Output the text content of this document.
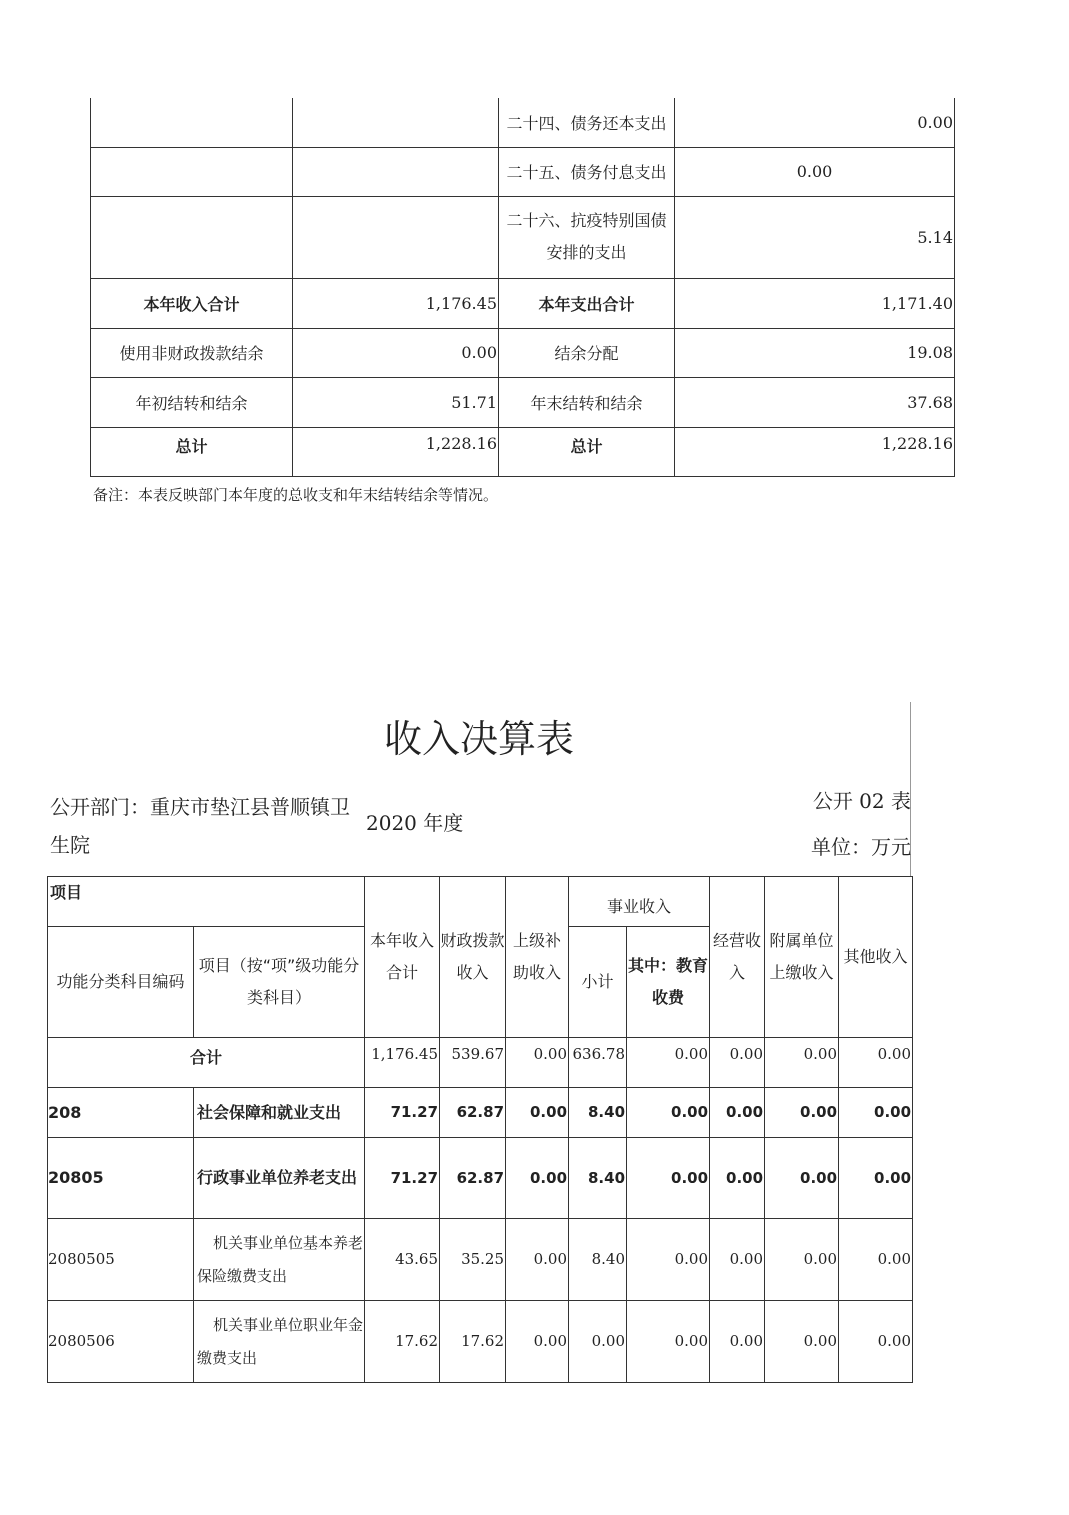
		二十四、债务还本支出	0.00
		二十五、债务付息支出	0.00
		二十六、抗疫特别国债安排的支出	5.14
本年收入合计	1,176.45	本年支出合计	1,171.40
使用非财政拨款结余	0.00	结余分配	19.08
年初结转和结余	51.71	年末结转和结余	37.68
总计	1,228.16	总计	1,228.16
备注：本表反映部门本年度的总收支和年末结转结余等情况。
收入决算表
公开部门：重庆市垫江县普顺镇卫生院
2020 年度
公开 02 表
单位：万元
项目		本年收入合计	财政拨款收入	上级补助收入	事业收入		经营收入	附属单位上缴收入	其他收入
功能分类科目编码	项目（按“项”级功能分类科目）				小计	其中：教育收费			
合计		1,176.45	539.67	0.00	636.78	0.00	0.00	0.00	0.00
208	社会保障和就业支出	71.27	62.87	0.00	8.40	0.00	0.00	0.00	0.00
20805	行政事业单位养老支出	71.27	62.87	0.00	8.40	0.00	0.00	0.00	0.00
2080505	机关事业单位基本养老保险缴费支出	43.65	35.25	0.00	8.40	0.00	0.00	0.00	0.00
2080506	机关事业单位职业年金缴费支出	17.62	17.62	0.00	0.00	0.00	0.00	0.00	0.00
